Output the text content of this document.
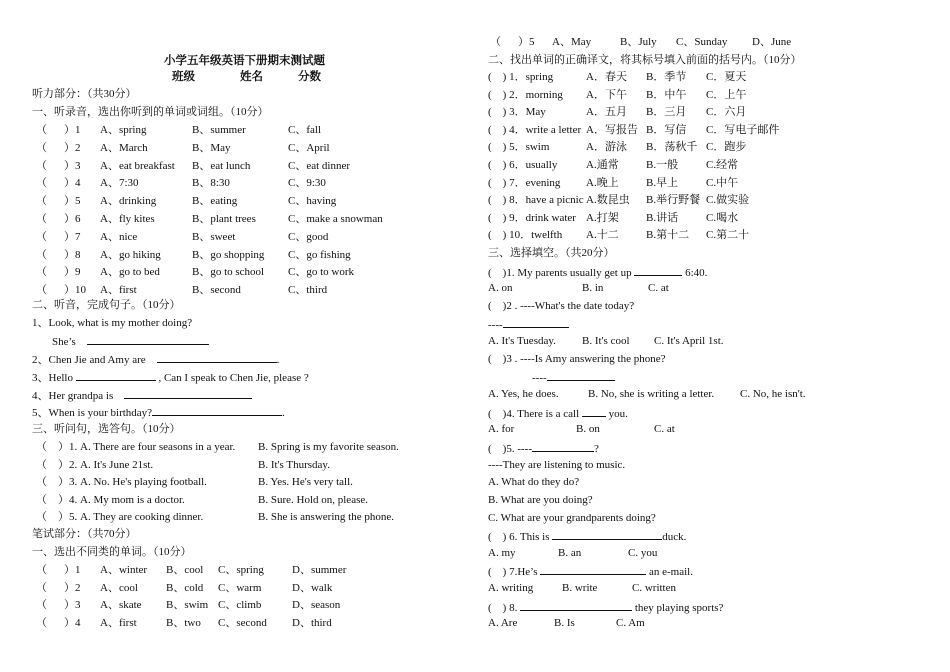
小学五年级英语下册期末测试题
班级	姓名	分数
听力部分：（共30分）
一、听录音，选出你听到的单词或词组。（10分）
（ ）1 A、spring	B、summer	C、fall
（ ）2 A、March	B、May	C、April
（ ）3 A、eat breakfast B、eat lunch	C、eat dinner
（ ）4 A、7:30	B、8:30	C、9:30
（ ）5 A、drinking	B、eating	C、having
（ ）6 A、fly kites	B、plant trees	C、make a snowman
（ ）7 A、nice	B、sweet	C、good
（ ）8 A、go hiking	B、go shopping C、go fishing
（ ）9 A、go to bed	B、go to school C、go to work
（ ）10 A、first	B、second	C、third
二、听音，完成句子。（10分）
1、Look, what is my mother doing?
She’s　
2、Chen Jie and Amy are　	.
3、Hello	, Can I speak to Chen Jie, please ?
4、Her grandpa is　
5、When is your birthday?	.
三、听问句，选答句。（10分）
（　）1. A. There are four seasons in a year. B. Spring is my favorite season.
（　）2. A. It's June 21st.	B. It's Thursday.
（　）3. A. No. He's playing football.	B. Yes. He's very tall.
（　）4. A. My mom is a doctor.	B. Sure. Hold on, please.
（　）5. A. They are cooking dinner.	B. She is answering the phone.
笔试部分：（共70分）
一、选出不同类的单词。（10分）
（ ）1 A、winter B、cool C、spring	D、summer
（ ）2 A、cool	B、cold C、warm	D、walk
（ ）3 A、skate B、swim C、climb	D、season
（ ）4 A、first	B、two C、second D、third
（ ）5 A、May	B、July C、Sunday D、June
二、找出单词的正确译文，将其标号填入前面的括号内。（10分）
(　) 1．spring	A．春天 B．季节 C．夏天
(　) 2．morning A．下午 B．中午 C．上午
(　) 3．May	A．五月 B．三月 C．六月
(　) 4．write a letter A．写报告 B．写信 C．写电子邮件
(　) 5．swim	A．游泳 B．荡秋千 C．跑步
(　) 6．usually	A.通常 B.一般	C.经常
(　) 7．evening A.晚上 B.早上	C.中午
(　) 8．have a picnic A.数昆虫 B.举行野餐 C.做实验
(　) 9．drink water A.打架 B.讲话	C.喝水
(　) 10．twelfth A.十二 B.第十二 C.第二十
三、选择填空。（共20分）
(　)1. My parents usually get up	6:40.
A. on	B. in	C. at
(　)2 . ----What's the date today?
----
A. It's Tuesday. B. It's cool C. It's April 1st.
(　)3 . ----Is Amy answering the phone?
----
A. Yes, he does.	B. No, she is writing a letter. C. No, he isn't.
(　)4. There is a call	you.
A. for	B. on	C. at
(　)5. ----	?
----They are listening to music.
A. What do they do?
B. What are you doing?
C. What are your grandparents doing?
(　) 6. This is	duck.
A. my	B. an	C. you
(　) 7.He’s	an e-mail.
A. writing	B. write	C. written
(　) 8.	they playing sports?
A. Are	B. Is	C. Am
